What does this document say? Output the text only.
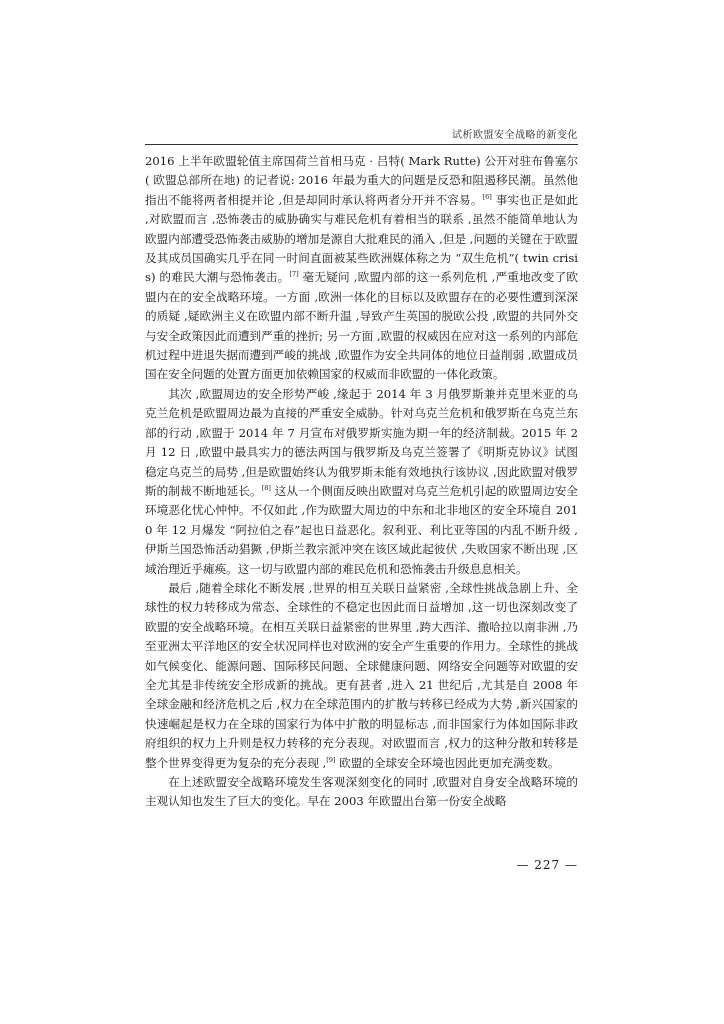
试析欧盟安全战略的新变化

2016 上半年欧盟轮值主席国荷兰首相马克 · 吕特( Mark Rutte) 公开对驻布鲁塞尔( 欧盟总部所在地) 的记者说: 2016 年最为重大的问题是反恐和阻遏移民潮。虽然他指出不能将两者相提并论 ,但是却同时承认将两者分开并不容易。[6] 事实也正是如此 ,对欧盟而言 ,恐怖袭击的威胁确实与难民危机有着相当的联系 ,虽然不能简单地认为欧盟内部遭受恐怖袭击威胁的增加是源自大批难民的涌入 ,但是 ,问题的关键在于欧盟及其成员国确实几乎在同一时间直面被某些欧洲媒体称之为 “双生危机”( twin crisis) 的难民大潮与恐怖袭击。[7] 毫无疑问 ,欧盟内部的这一系列危机 ,严重地改变了欧盟内在的安全战略环境。一方面 ,欧洲一体化的目标以及欧盟存在的必要性遭到深深的质疑 ,疑欧洲主义在欧盟内部不断升温 ,导致产生英国的脱欧公投 ,欧盟的共同外交与安全政策因此而遭到严重的挫折; 另一方面 ,欧盟的权威因在应对这一系列的内部危机过程中进退失据而遭到严峻的挑战 ,欧盟作为安全共同体的地位日益削弱 ,欧盟成员国在安全问题的处置方面更加依赖国家的权威而非欧盟的一体化政策。

其次 ,欧盟周边的安全形势严峻 ,缘起于 2014 年 3 月俄罗斯兼并克里米亚的乌克兰危机是欧盟周边最为直接的严重安全威胁。针对乌克兰危机和俄罗斯在乌克兰东部的行动 ,欧盟于 2014 年 7 月宣布对俄罗斯实施为期一年的经济制裁。2015 年 2 月 12 日 ,欧盟中最具实力的德法两国与俄罗斯及乌克兰签署了《明斯克协议》试图稳定乌克兰的局势 ,但是欧盟始终认为俄罗斯未能有效地执行该协议 ,因此欧盟对俄罗斯的制裁不断地延长。[8] 这从一个侧面反映出欧盟对乌克兰危机引起的欧盟周边安全环境恶化忧心忡忡。不仅如此 ,作为欧盟大周边的中东和北非地区的安全环境自 2010 年 12 月爆发 “阿拉伯之春”起也日益恶化。叙利亚、利比亚等国的内乱不断升级 ,伊斯兰国恐怖活动猖獗 ,伊斯兰教宗派冲突在该区域此起彼伏 ,失败国家不断出现 ,区域治理近乎瘫痪。这一切与欧盟内部的难民危机和恐怖袭击升级息息相关。

最后 ,随着全球化不断发展 ,世界的相互关联日益紧密 ,全球性挑战急剧上升、全球性的权力转移成为常态、全球性的不稳定也因此而日益增加 ,这一切也深刻改变了欧盟的安全战略环境。在相互关联日益紧密的世界里 ,跨大西洋、撒哈拉以南非洲 ,乃至亚洲太平洋地区的安全状况同样也对欧洲的安全产生重要的作用力。全球性的挑战如气候变化、能源问题、国际移民问题、全球健康问题、网络安全问题等对欧盟的安全尤其是非传统安全形成新的挑战。更有甚者 ,进入 21 世纪后 ,尤其是自 2008 年全球金融和经济危机之后 ,权力在全球范围内的扩散与转移已经成为大势 ,新兴国家的快速崛起是权力在全球的国家行为体中扩散的明显标志 ,而非国家行为体如国际非政府组织的权力上升则是权力转移的充分表现。对欧盟而言 ,权力的这种分散和转移是整个世界变得更为复杂的充分表现 ,[9] 欧盟的全球安全环境也因此更加充满变数。

在上述欧盟安全战略环境发生客观深刻变化的同时 ,欧盟对自身安全战略环境的主观认知也发生了巨大的变化。早在 2003 年欧盟出台第一份安全战略

— 227 —
